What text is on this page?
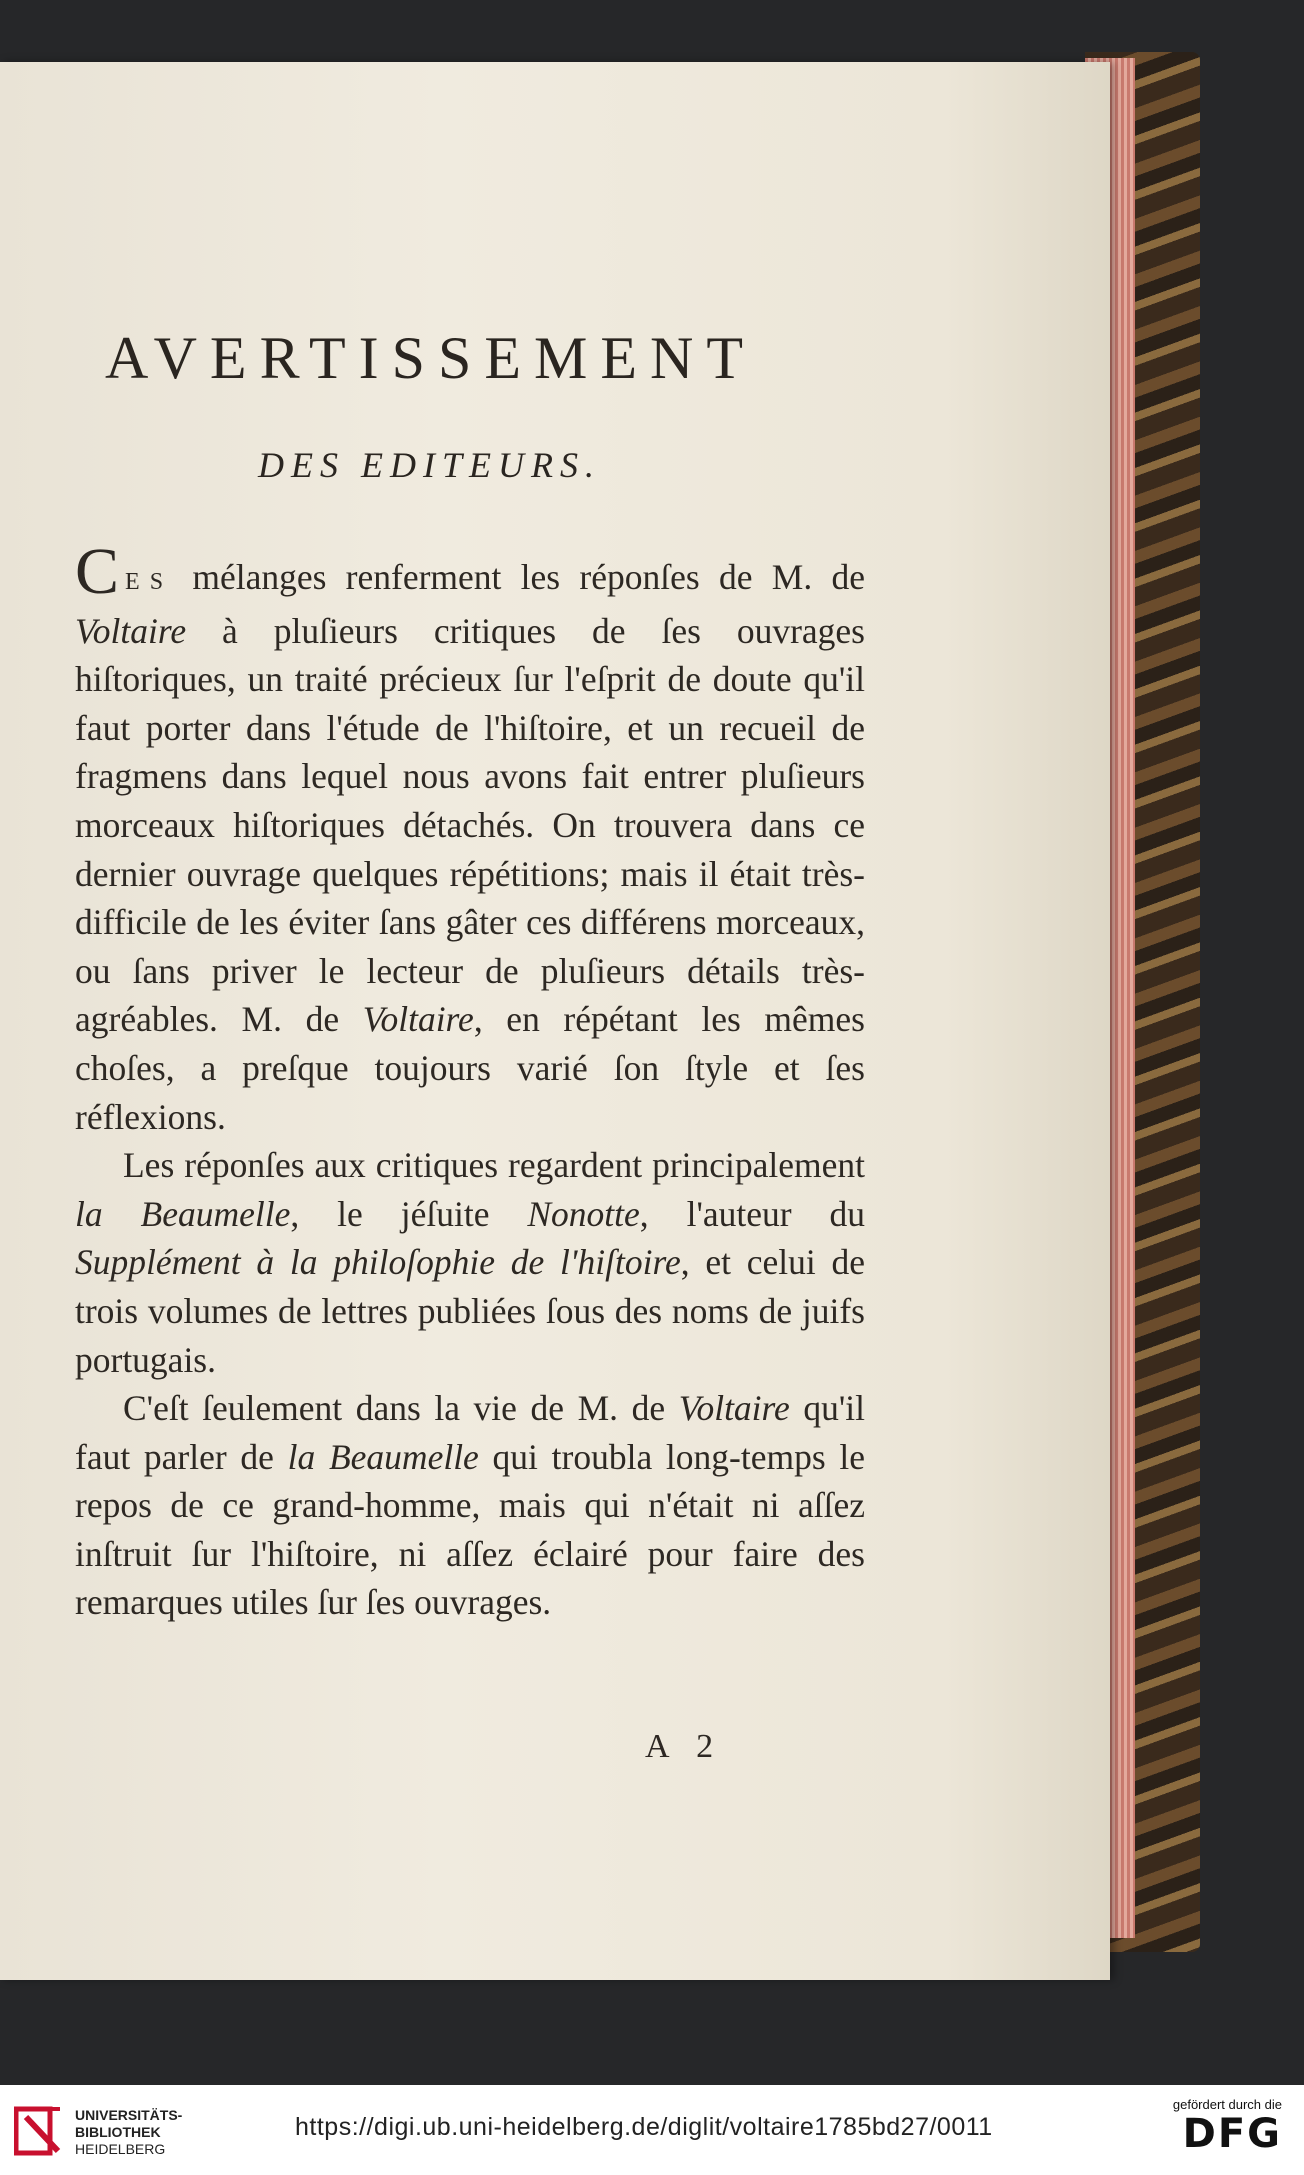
AVERTISSEMENT
DES EDITEURS.

CES mélanges renferment les réponſes de M. de Voltaire à pluſieurs critiques de ſes ouvrages hiſtoriques, un traité précieux ſur l'eſprit de doute qu'il faut porter dans l'étude de l'hiſtoire, et un recueil de fragmens dans lequel nous avons fait entrer pluſieurs morceaux hiſtoriques détachés. On trouvera dans ce dernier ouvrage quelques répétitions; mais il était très-difficile de les éviter ſans gâter ces différens morceaux, ou ſans priver le lecteur de pluſieurs détails très-agréables. M. de Voltaire, en répétant les mêmes choſes, a preſque toujours varié ſon ſtyle et ſes réflexions.

Les réponſes aux critiques regardent principalement la Beaumelle, le jéſuite Nonotte, l'auteur du Supplément à la philoſophie de l'hiſtoire, et celui de trois volumes de lettres publiées ſous des noms de juifs portugais.

C'eſt ſeulement dans la vie de M. de Voltaire qu'il faut parler de la Beaumelle qui troubla long-temps le repos de ce grand-homme, mais qui n'était ni aſſez inſtruit ſur l'hiſtoire, ni aſſez éclairé pour faire des remarques utiles ſur ſes ouvrages.

A 2
UNIVERSITÄTS-
BIBLIOTHEK
HEIDELBERG
https://digi.ub.uni-heidelberg.de/diglit/voltaire1785bd27/0011
gefördert durch die
DFG
